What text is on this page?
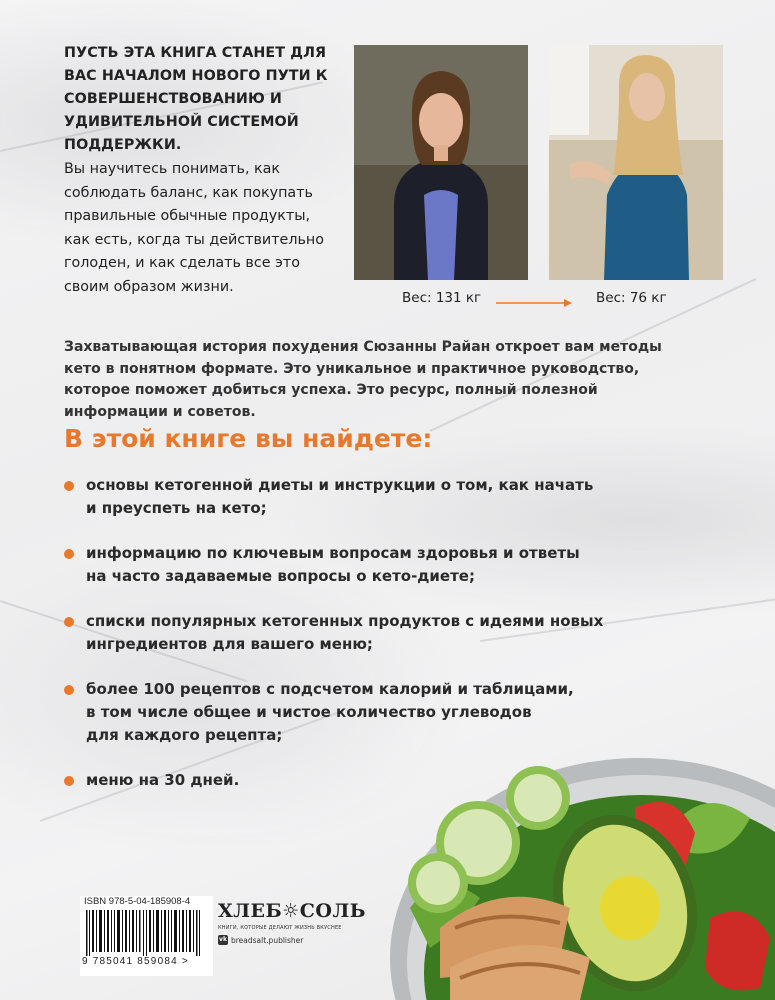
ПУСТЬ ЭТА КНИГА СТАНЕТ ДЛЯ ВАС НАЧАЛОМ НОВОГО ПУТИ К СОВЕРШЕНСТВОВАНИЮ И УДИВИТЕЛЬНОЙ СИСТЕМОЙ ПОДДЕРЖКИ.
Вы научитесь понимать, как соблюдать баланс, как покупать правильные обычные продукты, как есть, когда ты действительно голоден, и как сделать все это своим образом жизни.
Вес: 131 кг	Вес: 76 кг
Захватывающая история похудения Сюзанны Райан откроет вам методы кето в понятном формате. Это уникальное и практичное руководство, которое поможет добиться успеха. Это ресурс, полный полезной информации и советов.
В этой книге вы найдете:
основы кетогенной диеты и инструкции о том, как начать
и преуспеть на кето;
информацию по ключевым вопросам здоровья и ответы
на часто задаваемые вопросы о кето-диете;
списки популярных кетогенных продуктов с идеями новых
ингредиентов для вашего меню;
более 100 рецептов с подсчетом калорий и таблицами,
в том числе общее и чистое количество углеводов
для каждого рецепта;
меню на 30 дней.
ISBN 978-5-04-185908-4
9 785041 859084 >
ХЛЕБ☼СОЛЬ
КНИГИ, КОТОРЫЕ ДЕЛАЮТ ЖИЗНЬ ВКУСНЕЕ
vk breadsalt.publisher
